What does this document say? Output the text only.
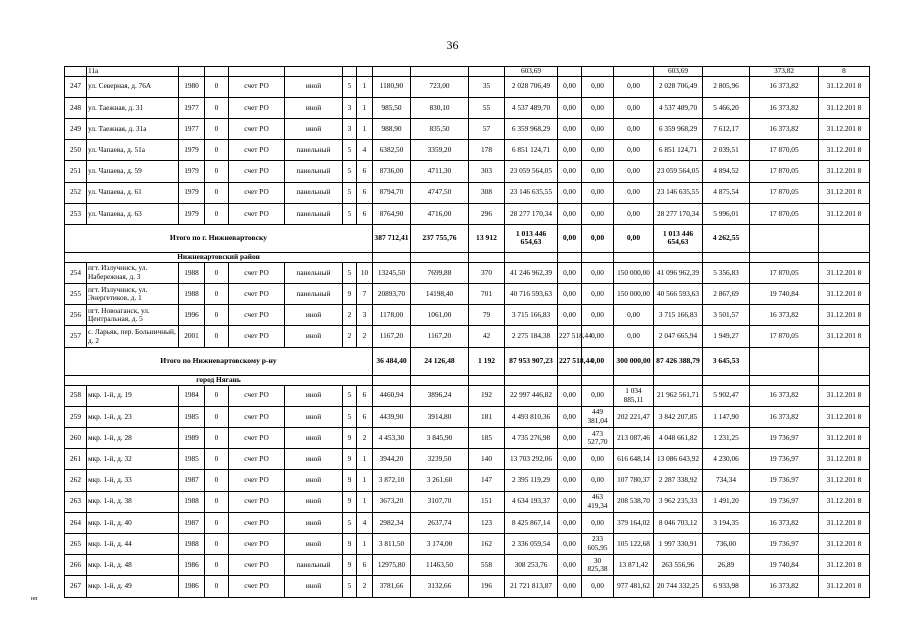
36
	11а										603,69				603,69		373,82	8
247	ул. Северная, д. 76А	1980	0	счет РО	иной	5	1	1180,90	723,00	35	2 028 706,49	0,00	0,00	0,00	2 028 706,49	2 805,96	16 373,82	31.12.201 8
248	ул. Таежная, д. 31	1977	0	счет РО	иной	3	1	985,50	830,10	55	4 537 489,70	0,00	0,00	0,00	4 537 489,70	5 466,20	16 373,82	31.12.201 8
249	ул. Таежная, д. 31а	1977	0	счет РО	иной	3	1	988,90	835,50	57	6 359 968,29	0,00	0,00	0,00	6 359 968,29	7 612,17	16 373,82	31.12.201 8
250	ул. Чапаева, д. 51а	1979	0	счет РО	панельный	5	4	6382,50	3359,20	178	6 851 124,71	0,00	0,00	0,00	6 851 124,71	2 039,51	17 870,05	31.12.201 8
251	ул. Чапаева, д. 59	1979	0	счет РО	панельный	5	6	8736,00	4711,30	303	23 059 564,05	0,00	0,00	0,00	23 059 564,05	4 894,52	17 870,05	31.12.201 8
252	ул. Чапаева, д. 61	1979	0	счет РО	панельный	5	6	8794,70	4747,50	308	23 146 635,55	0,00	0,00	0,00	23 146 635,55	4 875,54	17 870,05	31.12.201 8
253	ул. Чапаева, д. 63	1979	0	счет РО	панельный	5	6	8764,90	4716,00	296	28 277 170,34	0,00	0,00	0,00	28 277 170,34	5 996,01	17 870,05	31.12.201 8
Итого по г. Нижневартовску								387 712,41	237 755,76	13 912	1 013 446 654,63	0,00	0,00	0,00	1 013 446 654,63	4 262,55		
Нижневартовский район																		
254	пгт. Излучинск, ул. Набережная, д. 3	1988	0	счет РО	панельный	5	10	13245,50	7699,88	370	41 246 962,39	0,00	0,00	150 000,00	41 096 962,39	5 356,83	17 870,05	31.12.201 8
255	пгт. Излучинск, ул. Энергетиков, д. 1	1988	0	счет РО	панельный	9	7	20893,70	14198,40	701	40 716 593,63	0,00	0,00	150 000,00	40 566 593,63	2 867,69	19 740,84	31.12.201 8
256	пгт. Новоаганск, ул. Центральная, д. 5	1996	0	счет РО	иной	2	3	1178,00	1061,00	79	3 715 166,83	0,00	0,00	0,00	3 715 166,83	3 501,57	16 373,82	31.12.201 8
257	с. Ларьяк, пер. Больничный, д. 2	2001	0	счет РО	иной	2	2	1167,20	1167,20	42	2 275 184,38	227 518,44	0,00	0,00	2 047 665,94	1 949,27	17 870,05	31.12.201 8
Итого по Нижневартовскому р-ну								36 484,40	24 126,48	1 192	87 953 907,23	227 518,44	0,00	300 000,00	87 426 388,79	3 645,53		
город Нягань																		
258	мкр. 1-й, д. 19	1984	0	счет РО	иной	5	6	4460,94	3896,24	192	22 997 446,82	0,00	0,00	1 034 885,11	21 962 561,71	5 902,47	16 373,82	31.12.201 8
259	мкр. 1-й, д. 23	1985	0	счет РО	иной	5	6	4439,90	3914,80	181	4 493 810,36	0,00	449 381,04	202 221,47	3 842 207,85	1 147,90	16 373,82	31.12.201 8
260	мкр. 1-й, д. 28	1989	0	счет РО	иной	9	2	4 453,30	3 845,90	185	4 735 276,98	0,00	473 527,70	213 087,46	4 048 661,82	1 231,25	19 736,97	31.12.201 8
261	мкр. 1-й, д. 32	1985	0	счет РО	иной	9	1	3944,20	3239,50	140	13 703 292,06	0,00	0,00	616 648,14	13 086 643,92	4 230,06	19 736,97	31.12.201 8
262	мкр. 1-й, д. 33	1987	0	счет РО	иной	9	1	3 872,10	3 261,60	147	2 395 119,29	0,00	0,00	107 780,37	2 287 338,92	734,34	19 736,97	31.12.201 8
263	мкр. 1-й, д. 38	1988	0	счет РО	иной	9	1	3673,20	3107,70	151	4 634 193,37	0,00	463 419,34	208 538,70	3 962 235,33	1 491,20	19 736,97	31.12.201 8
264	мкр. 1-й, д. 40	1987	0	счет РО	иной	5	4	2982,34	2637,74	123	8 425 867,14	0,00	0,00	379 164,02	8 046 703,12	3 194,35	16 373,82	31.12.201 8
265	мкр. 1-й, д. 44	1988	0	счет РО	иной	9	1	3 811,50	3 174,00	162	2 336 059,54	0,00	233 605,95	105 122,68	1 997 330,91	736,00	19 736,97	31.12.201 8
266	мкр. 1-й, д. 48	1986	0	счет РО	панельный	9	6	12975,80	11463,50	558	308 253,76	0,00	30 825,38	13 871,42	263 556,96	26,89	19 740,84	31.12.201 8
267	мкр. 1-й, д. 49	1986	0	счет РО	иной	5	2	3781,66	3132,66	196	21 721 813,87	0,00	0,00	977 481,62	20 744 332,25	6 933,98	16 373,82	31.12.201 8
нп
